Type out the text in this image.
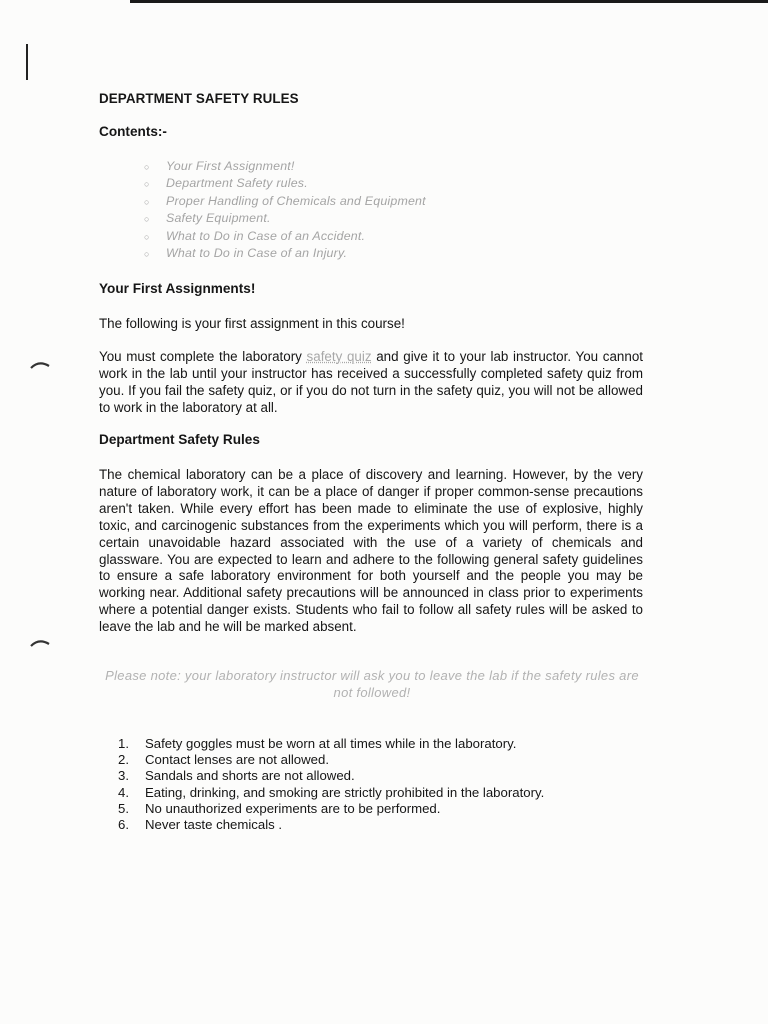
DEPARTMENT SAFETY RULES
Contents:-
○ Your First Assignment!
○ Department Safety rules.
○ Proper Handling of Chemicals and Equipment
○ Safety Equipment.
○ What to Do in Case of an Accident.
○ What to Do in Case of an Injury.
Your First Assignments!
The following is your first assignment in this course!

You must complete the laboratory safety quiz and give it to your lab instructor. You cannot work in the lab until your instructor has received a successfully completed safety quiz from you. If you fail the safety quiz, or if you do not turn in the safety quiz, you will not be allowed to work in the laboratory at all.

Department Safety Rules

The chemical laboratory can be a place of discovery and learning. However, by the very nature of laboratory work, it can be a place of danger if proper common-sense precautions aren't taken. While every effort has been made to eliminate the use of explosive, highly toxic, and carcinogenic substances from the experiments which you will perform, there is a certain unavoidable hazard associated with the use of a variety of chemicals and glassware. You are expected to learn and adhere to the following general safety guidelines to ensure a safe laboratory environment for both yourself and the people you may be working near. Additional safety precautions will be announced in class prior to experiments where a potential danger exists. Students who fail to follow all safety rules will be asked to leave the lab and he will be marked absent.

Please note: your laboratory instructor will ask you to leave the lab if the safety rules are not followed!
1. Safety goggles must be worn at all times while in the laboratory.
2. Contact lenses are not allowed.
3. Sandals and shorts are not allowed.
4. Eating, drinking, and smoking are strictly prohibited in the laboratory.
5. No unauthorized experiments are to be performed.
6. Never taste chemicals .
